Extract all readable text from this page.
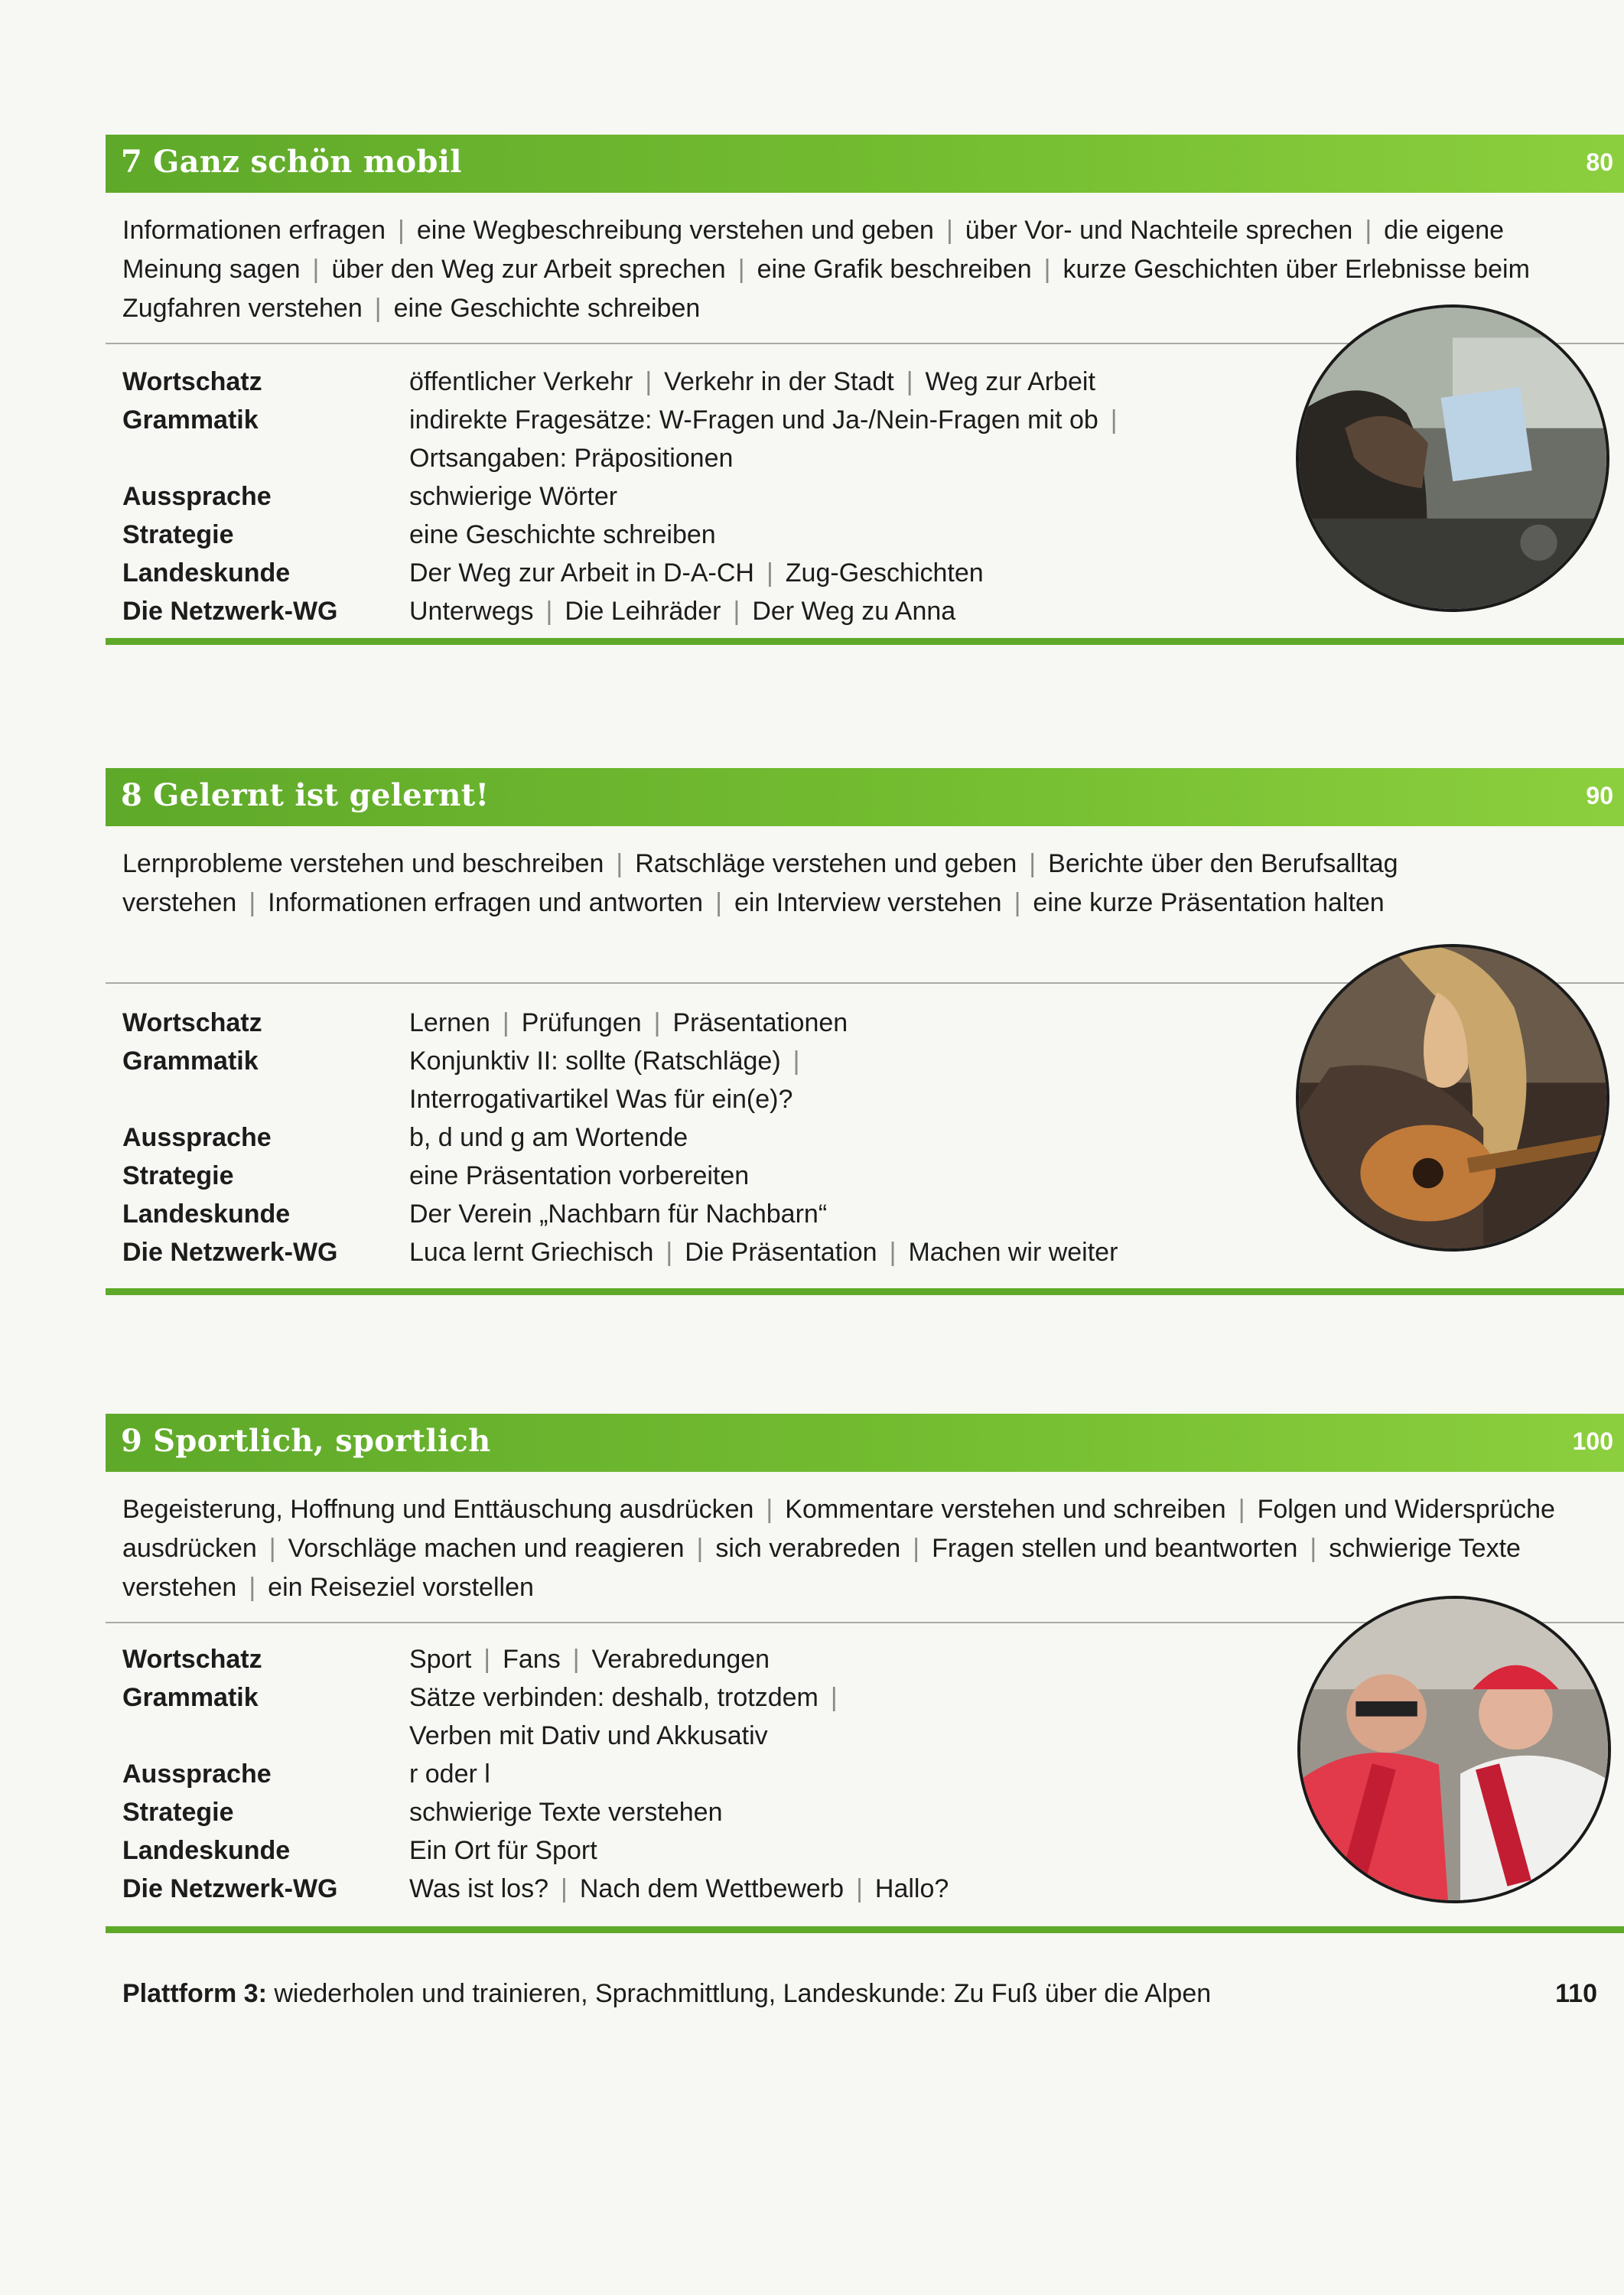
7 Ganz schön mobil	80
Informationen erfragen | eine Wegbeschreibung verstehen und geben | über Vor- und Nachteile sprechen | die eigene Meinung sagen | über den Weg zur Arbeit sprechen | eine Grafik beschreiben | kurze Geschichten über Erlebnisse beim Zugfahren verstehen | eine Geschichte schreiben
Wortschatz	öffentlicher Verkehr | Verkehr in der Stadt | Weg zur Arbeit
Grammatik	indirekte Fragesätze: W-Fragen und Ja-/Nein-Fragen mit ob |
Ortsangaben: Präpositionen
Aussprache	schwierige Wörter
Strategie	eine Geschichte schreiben
Landeskunde	Der Weg zur Arbeit in D-A-CH | Zug-Geschichten
Die Netzwerk-WG	Unterwegs | Die Leihräder | Der Weg zu Anna
8 Gelernt ist gelernt!	90
Lernprobleme verstehen und beschreiben | Ratschläge verstehen und geben | Berichte über den Berufsalltag verstehen | Informationen erfragen und antworten | ein Interview verstehen | eine kurze Präsentation halten
Wortschatz	Lernen | Prüfungen | Präsentationen
Grammatik	Konjunktiv II: sollte (Ratschläge) |
Interrogativartikel Was für ein(e)?
Aussprache	b, d und g am Wortende
Strategie	eine Präsentation vorbereiten
Landeskunde	Der Verein „Nachbarn für Nachbarn“
Die Netzwerk-WG	Luca lernt Griechisch | Die Präsentation | Machen wir weiter
9 Sportlich, sportlich	100
Begeisterung, Hoffnung und Enttäuschung ausdrücken | Kommentare verstehen und schreiben | Folgen und Widersprüche ausdrücken | Vorschläge machen und reagieren | sich verabreden | Fragen stellen und beantworten | schwierige Texte verstehen | ein Reiseziel vorstellen
Wortschatz	Sport | Fans | Verabredungen
Grammatik	Sätze verbinden: deshalb, trotzdem |
Verben mit Dativ und Akkusativ
Aussprache	r oder l
Strategie	schwierige Texte verstehen
Landeskunde	Ein Ort für Sport
Die Netzwerk-WG	Was ist los? | Nach dem Wettbewerb | Hallo?
Plattform 3: wiederholen und trainieren, Sprachmittlung, Landeskunde: Zu Fuß über die Alpen	110
